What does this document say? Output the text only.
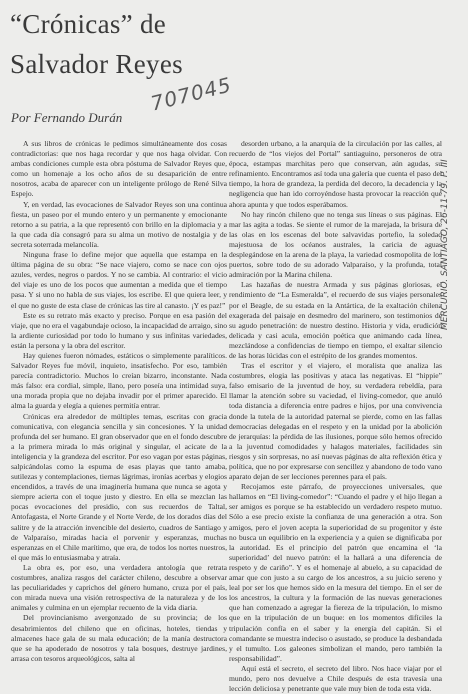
“Crónicas” de
Salvador Reyes
707045
Por Fernando Durán

A sus libros de crónicas le pedimos simultáneamente dos cosas contradictorias: que nos haga recordar y que nos haga olvidar. Con ambas condiciones cumple esta obra póstuma de Salvador Reyes que, como un homenaje a los ocho años de su desaparición de entre nosotros, acaba de aparecer con un inteligente prólogo de René Silva Espejo.

Y, en verdad, las evocaciones de Salvador Reyes son una continua fiesta, un paseo por el mundo entero y un permanente y emocionante retorno a su patria, a la que representó con brillo en la diplomacia y a la que cada día consagró para su alma un motivo de nostalgia y de secreta soterrada melancolía.

Ninguna frase lo define mejor que aquella que estampa en la última página de su obra: “Se nace viajero, como se nace con ojos azules, verdes, negros o pardos. Y no se cambia. Al contrario: el vicio del viaje es uno de los pocos que aumentan a medida que el tiempo pasa. Y si uno no habla de sus viajes, los escribe. El que quiera leer, y el que no guste de esta clase de crónicas las tire al canasto. ¡Y es paz!”

Este es su retrato más exacto y preciso. Porque en esa pasión del viaje, que no era el vagabundaje ocioso, la incapacidad de arraigo, sino la ardiente curiosidad por todo lo humano y sus infinitas variedades, están la persona y la obra del escritor.

Hay quienes fueron nómades, estáticos o simplemente paralíticos. Salvador Reyes fue móvil, inquieto, insatisfecho. Por eso, también parecía contradictorio. Muchos lo creían bizarro, inconstante. Nada más falso: era cordial, simple, llano, pero poseía una intimidad suya, una morada propia que no dejaba invadir por el primer aparecido. El alma la guarda y elegía a quienes permitía entrar.

Crónicas era alrededor de múltiples temas, escritas con gracia comunicativa, con elegancia sencilla y sin concesiones. Y la unidad profunda del ser humano. El gran observador que en el fondo descubre a la primera mirada lo más original y singular, el acicate de la inteligencia y la grandeza del escritor. Por eso vagan por estas páginas, salpicándolas como la espuma de esas playas que tanto amaba, sutilezas y contemplaciones, tiernas lágrimas, ironías acerbas y elogios encendidos, a través de una imaginería humana que nunca se agota y siempre acierta con el toque justo y diestro. En ella se mezclan las pocas evocaciones del presidio, con sus recuerdos de Taltal, Antofagasta, el Norte Grande y el Norte Verde, de los dorados días del salitre y de la atracción invencible del desierto, cuadros de Santiago y de Valparaíso, miradas hacia el porvenir y esperanzas, muchas esperanzas en el Chile marítimo, que era, de todos los nortes nuestros, el que más lo entusiasmaba y atraía.

La obra es, por eso, una verdadera antología que retrata costumbres, analiza rasgos del carácter chileno, descubre a observar las peculiaridades y caprichos del género humano, cruza por el país, con mirada nueva una visión retrospectiva de la naturaleza y de los animales y culmina en un ejemplar recuento de la vida diaria.

Del provincianismo avergonzado de su provincia; de los desabrimientos del chileno que en oficinas, hoteles, tiendas y almacenes hace gala de su mala educación; de la manía destructora que se ha apoderado de nosotros y tala bosques, destruye jardines, arrasa con tesoros arqueológicos, salta al

desorden urbano, a la anarquía de la circulación por las calles, al recuerdo de “los viejos del Portal” santiaguino, personeros de otra época, estampas marchitas pero que conservan, aún agudas, su refinamiento. Encontramos así toda una galería que cuenta el paso del tiempo, la hora de grandeza, la perdida del decoro, la decadencia y la negligencia que han ido corroyéndose hasta provocar la reacción que ahora apunta y que todos esperábamos.

No hay rincón chileno que no tenga sus líneas o sus páginas. El mar las agita a todas. Se siente el rumor de la marejada, la brisura de las olas en los escenas del bote salvavidas portefio, la soledad majestuosa de los océanos australes, la caricia de aguas desplegándose en la arena de la playa, la variedad cosmopolita de los puertos, sobre todo de su adorado Valparaíso, y la profunda, total admiración por la Marina chilena.

Las hazañas de nuestra Armada y sus páginas gloriosas, el rendimiento de “La Esmeralda”, el recuerdo de sus viajes personales por el Beagle, de su estada en la Antártica, de la exaltación chilena exagerada del paisaje en desmedro del marinero, son testimonios de su agudo penetración: de nuestro destino. Historia y vida, erudición delicada y casi acula, emoción poética que animando cada línea, mezclándose a confidencias de tiempo en tiempo, el exaltar silencio de las horas lúcidas con el estrépito de los grandes momentos.

Tras el escritor y el viajero, el moralista que analiza las costumbres, elogia las positivas y ataca las negativas. El “hippie” falso emisario de la juventud de hoy, su verdadera rebeldía, para llamar la atención sobre su vaciedad, el living-comedor, que anuló toda distancia a diferencia entre padres e hijos, por una convivencia donde la tutela de la autoridad paternal se pierde, como en las fallas democracias delegadas en el respeto y en la unidad por la abolición de jerarquías: la pérdida de las ilusiones, porque sólo hemos ofrecido a la juventud comodidades y halagos materiales, facilidades sin riesgos y sin sorpresas, no así nuevas páginas de alta reflexión ética y política, que no por expresarse con sencillez y abandono de todo vano aparato dejan de ser lecciones perennes para el país.

Recojamos este párrafo, de proyecciones universales, que hallamos en “El living-comedor”: “Cuando el padre y el hijo llegan a ser amigos es porque se ha establecido un verdadero respeto mutuo. Sólo a ese precio existe la confianza de una generación a otra. Son amigos, pero el joven acepta la superioridad de su progenitor y éste no busca un equilibrio en la experiencia y a quien se dignificaba por la autoridad. Es el principio del patrón que encamina el ‘la superioridad’ del nuevo patrón: el la hallará a una diferencia de respeto y de cariño”. Y es el homenaje al abuelo, a su capacidad de amar que con justo a su cargo de los ancestros, a su juicio sereno y leal por ser los que hemos sido en la mesura del tiempo. En el ser de los ancestros, la cultura y la formación de las nuevas generaciones que han comenzado a agregar la fiereza de la tripulación, lo mismo que en la tripulación de un buque: en los momentos difíciles la tripulación confía en el saber y la energía del capitán. Si el comandante se muestra indeciso o asustado, se produce la desbandada y el tumulto. Los galeones simbolizan el mando, pero también la responsabilidad”.

Aquí está el secreto, el secreto del libro. Nos hace viajar por el mundo, pero nos devuelve a Chile después de esta travesía una lección deliciosa y penetrante que vale muy bien de toda esta vida.

MERCURIO. SANTIAGO, 26-11-79. P. III
